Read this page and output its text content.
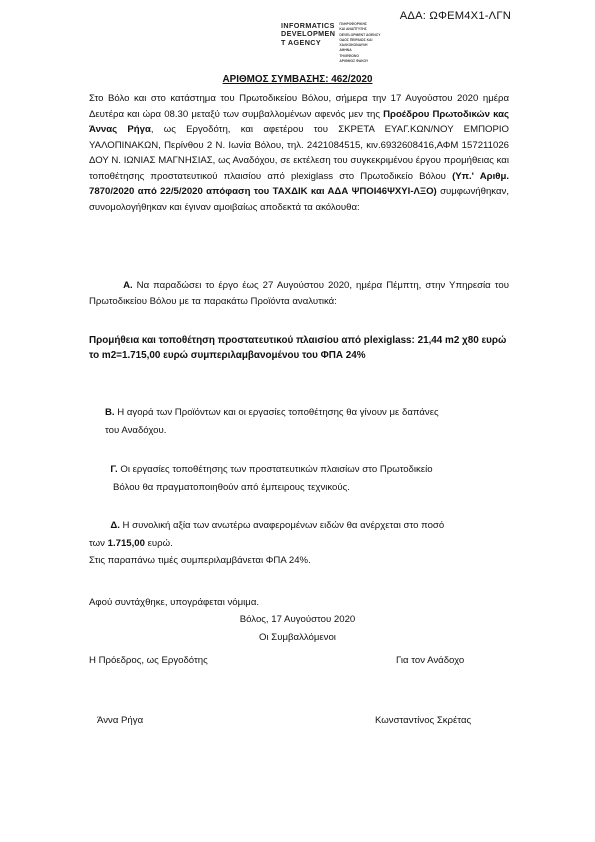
ΑΔΑ: ΩΦΕΜ4Χ1-ΛΓΝ
INFORMATICS
DEVELOPMEN
T AGENCY
ΠΛΗΡΟΦΟΡΙΚΗΣ
ΚΑΙ ΑΝΑΠΤΥΞΗΣ
DEVELOPMENT AGENCY
ΟΔΟΣ ΠΕΙΡΑΙΩΣ ΚΑΙ
ΧΑΛΚΟΚΟΝΔΥΛΗ
ΑΘΗΝΑ
ΤΗΛΕΦΩΝΟ
ΑΡΙΘΜΟΣ ΦΑΚΟΥ
ΑΡΙΘΜΟΣ ΣΥΜΒΑΣΗΣ: 462/2020

Στο Βόλο και στο κατάστημα του Πρωτοδικείου Βόλου, σήμερα την 17 Αυγούστου 2020 ημέρα Δευτέρα και ώρα 08.30 μεταξύ των συμβαλλομένων αφενός μεν της Προέδρου Πρωτοδικών κας Άννας Ρήγα, ως Εργοδότη, και αφετέρου του ΣΚΡΕΤΑ ΕΥΑΓ.ΚΩΝ/ΝΟΥ ΕΜΠΟΡΙΟ ΥΑΛΟΠΙΝΑΚΩΝ, Περίνθου 2 Ν. Ιωνία Βόλου, τηλ. 2421084515, κιν.6932608416,ΑΦΜ 157211026 ΔΟΥ Ν. ΙΩΝΙΑΣ ΜΑΓΝΗΣΙΑΣ, ως Αναδόχου, σε εκτέλεση του συγκεκριμένου έργου προμήθειας και τοποθέτησης προστατευτικού πλαισίου από plexiglass στο Πρωτοδικείο Βόλου (Υπ.' Αριθμ. 7870/2020 από 22/5/2020 απόφαση του ΤΑΧΔΙΚ και ΑΔΑ ΨΠΟΙ46ΨΧΥΙ-ΛΞΟ) συμφωνήθηκαν, συνομολογήθηκαν και έγιναν αμοιβαίως αποδεκτά τα ακόλουθα:

Α. Να παραδώσει το έργο έως 27 Αυγούστου 2020, ημέρα Πέμπτη, στην Υπηρεσία του Πρωτοδικείου Βόλου με τα παρακάτω Προϊόντα αναλυτικά:

Προμήθεια και τοποθέτηση προστατευτικού πλαισίου από plexiglass: 21,44 m2 χ80 ευρώ το m2=1.715,00 ευρώ συμπεριλαμβανομένου του ΦΠΑ 24%

Β. Η αγορά των Προϊόντων και οι εργασίες τοποθέτησης θα γίνουν με δαπάνες

του Αναδόχου.

Γ. Οι εργασίες τοποθέτησης των προστατευτικών πλαισίων στο Πρωτοδικείο

Βόλου θα πραγματοποιηθούν από έμπειρους τεχνικούς.

Δ. Η συνολική αξία των ανωτέρω αναφερομένων ειδών θα ανέρχεται στο ποσό

των 1.715,00 ευρώ.

Στις παραπάνω τιμές συμπεριλαμβάνεται ΦΠΑ 24%.

Αφού συντάχθηκε, υπογράφεται νόμιμα.
Βόλος, 17 Αυγούστου 2020
Οι Συμβαλλόμενοι
Η Πρόεδρος, ως Εργοδότης	Για τον Ανάδοχο
Άννα Ρήγα	Κωνσταντίνος Σκρέτας
